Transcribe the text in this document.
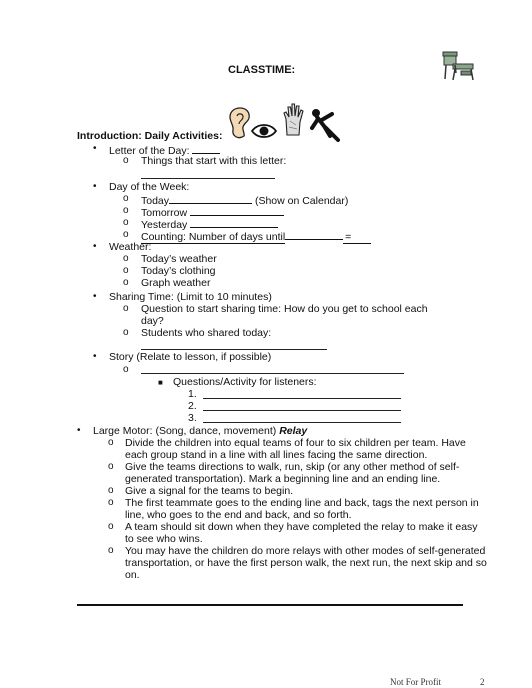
CLASSTIME:
Introduction: Daily Activities:
• Letter of the Day:
o Things that start with this letter:
• Day of the Week:
o Today	(Show on Calendar)
o Tomorrow
o Yesterday
o Counting: Number of days until	=
• Weather:
o Today’s weather
o Today’s clothing
o Graph weather
• Sharing Time: (Limit to 10 minutes)
o Question to start sharing time: How do you get to school each
day?
o Students who shared today:
• Story (Relate to lesson, if possible)
o
■ Questions/Activity for listeners:
1.
2.
3.
• Large Motor: (Song, dance, movement) Relay
o Divide the children into equal teams of four to six children per team. Have
each group stand in a line with all lines facing the same direction.
o Give the teams directions to walk, run, skip (or any other method of self-
generated transportation). Mark a beginning line and an ending line.
o Give a signal for the teams to begin.
o The first teammate goes to the ending line and back, tags the next person in
line, who goes to the end and back, and so forth.
o A team should sit down when they have completed the relay to make it easy
to see who wins.
o You may have the children do more relays with other modes of self-generated
transportation, or have the first person walk, the next run, the next skip and so
on.
Not For Profit	2
